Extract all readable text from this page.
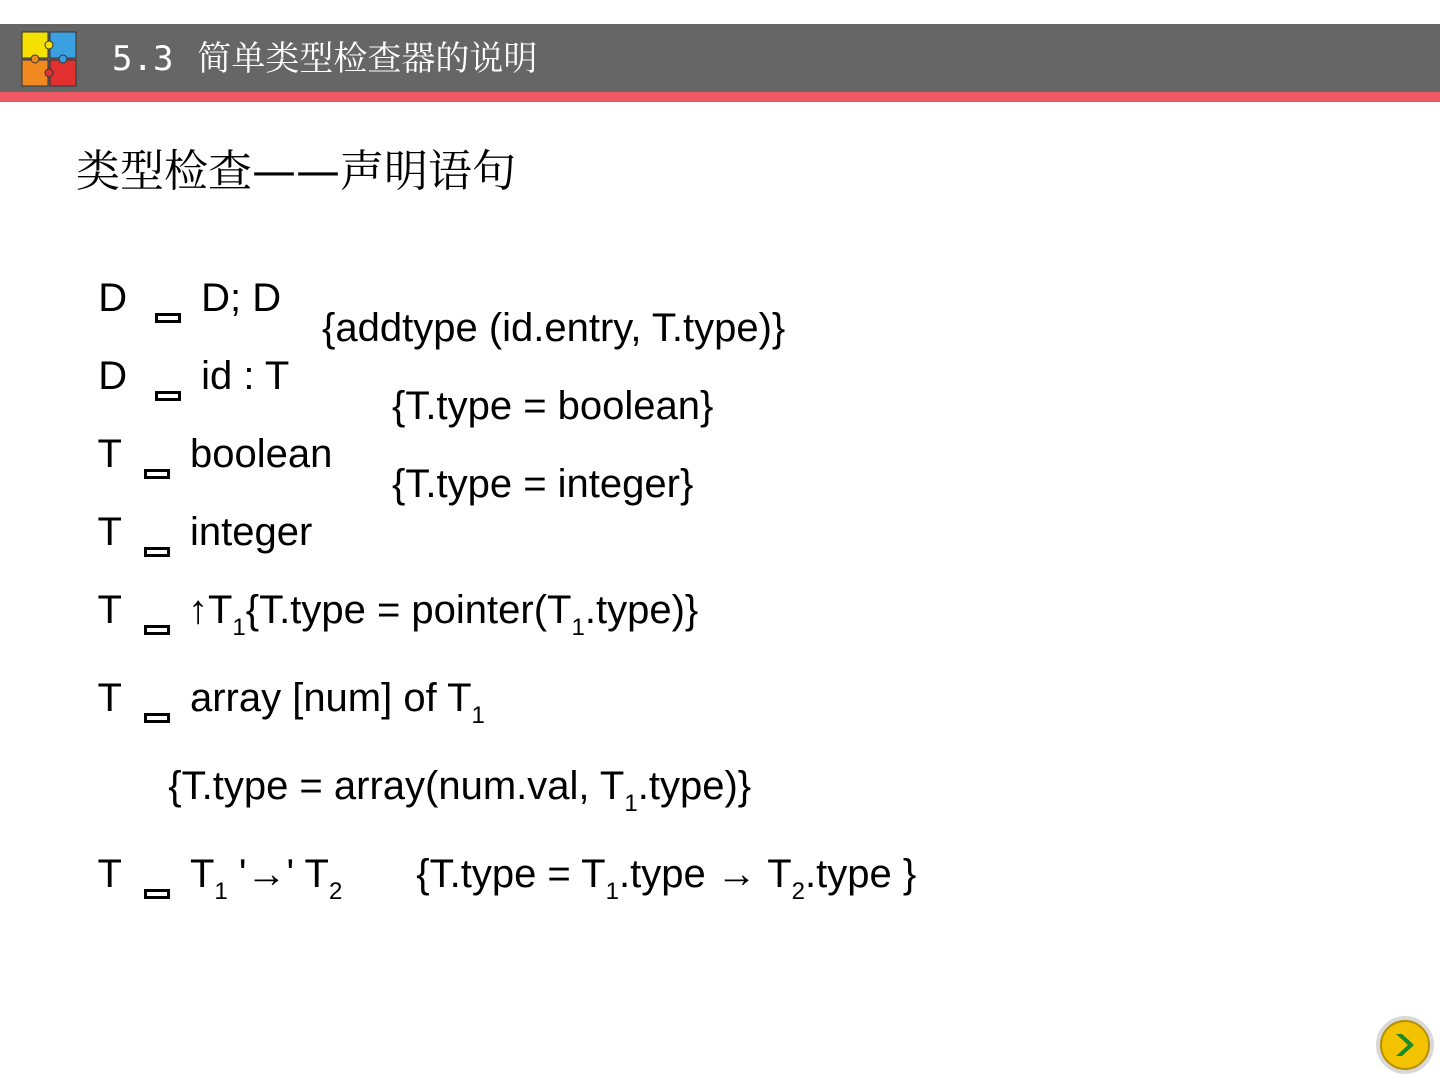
5.3 简单类型检查器的说明
类型检查——声明语句

D D; D

D id : T

{addtype (id.entry, T.type)}

T boolean

{T.type = boolean}

T integer

{T.type = integer}

T $↑T_1\{T.type$ = $pointer(T_1.type)$}

T array [num] of $T_1$

{T.type = array(num.val, $T_1.type$)}

T $T_1$ '→' $T_2$	{T.type = $T_1.type$ → $T_2.type$ }
